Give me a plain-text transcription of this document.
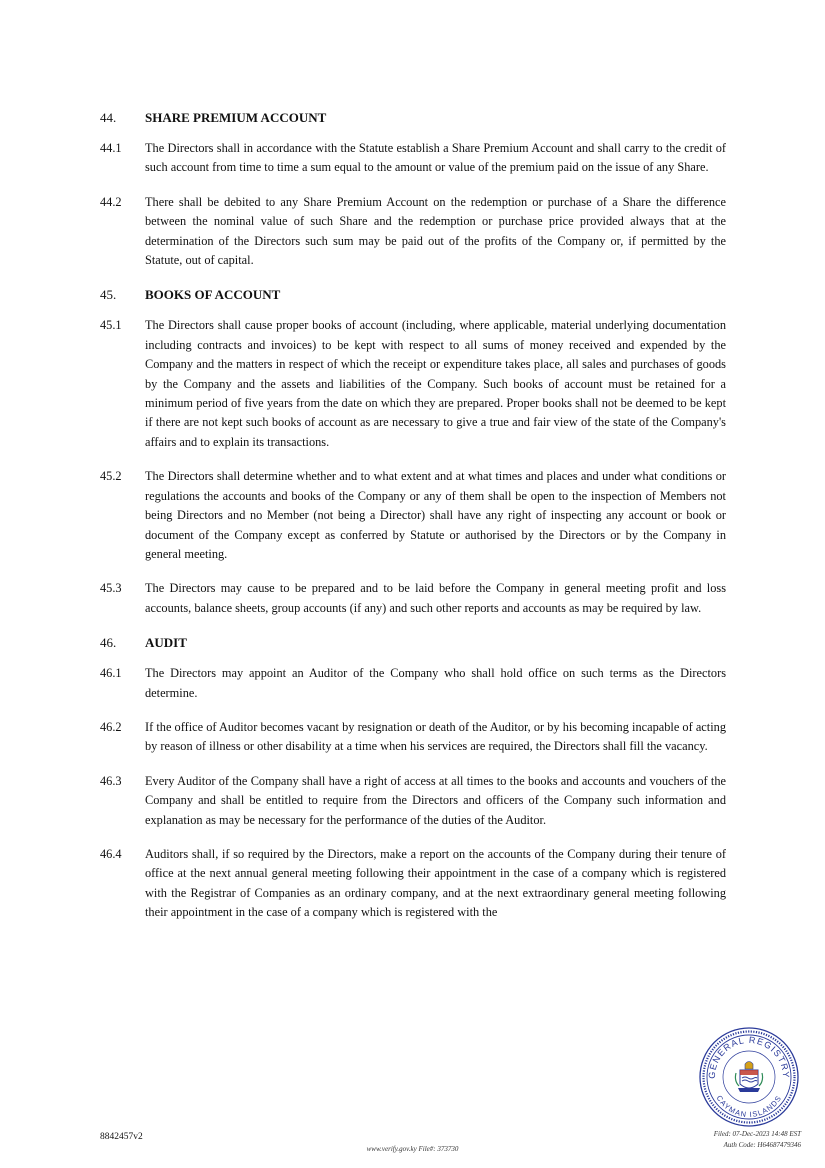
44.	SHARE PREMIUM ACCOUNT
44.1	The Directors shall in accordance with the Statute establish a Share Premium Account and shall carry to the credit of such account from time to time a sum equal to the amount or value of the premium paid on the issue of any Share.
44.2	There shall be debited to any Share Premium Account on the redemption or purchase of a Share the difference between the nominal value of such Share and the redemption or purchase price provided always that at the determination of the Directors such sum may be paid out of the profits of the Company or, if permitted by the Statute, out of capital.
45.	BOOKS OF ACCOUNT
45.1	The Directors shall cause proper books of account (including, where applicable, material underlying documentation including contracts and invoices) to be kept with respect to all sums of money received and expended by the Company and the matters in respect of which the receipt or expenditure takes place, all sales and purchases of goods by the Company and the assets and liabilities of the Company. Such books of account must be retained for a minimum period of five years from the date on which they are prepared. Proper books shall not be deemed to be kept if there are not kept such books of account as are necessary to give a true and fair view of the state of the Company's affairs and to explain its transactions.
45.2	The Directors shall determine whether and to what extent and at what times and places and under what conditions or regulations the accounts and books of the Company or any of them shall be open to the inspection of Members not being Directors and no Member (not being a Director) shall have any right of inspecting any account or book or document of the Company except as conferred by Statute or authorised by the Directors or by the Company in general meeting.
45.3	The Directors may cause to be prepared and to be laid before the Company in general meeting profit and loss accounts, balance sheets, group accounts (if any) and such other reports and accounts as may be required by law.
46.	AUDIT
46.1	The Directors may appoint an Auditor of the Company who shall hold office on such terms as the Directors determine.
46.2	If the office of Auditor becomes vacant by resignation or death of the Auditor, or by his becoming incapable of acting by reason of illness or other disability at a time when his services are required, the Directors shall fill the vacancy.
46.3	Every Auditor of the Company shall have a right of access at all times to the books and accounts and vouchers of the Company and shall be entitled to require from the Directors and officers of the Company such information and explanation as may be necessary for the performance of the duties of the Auditor.
46.4	Auditors shall, if so required by the Directors, make a report on the accounts of the Company during their tenure of office at the next annual general meeting following their appointment in the case of a company which is registered with the Registrar of Companies as an ordinary company, and at the next extraordinary general meeting following their appointment in the case of a company which is registered with the
GENERAL REGISTRY
CAYMAN ISLANDS
8842457v2
www.verify.gov.ky File#: 373730
Filed: 07-Dec-2023 14:48 EST
Auth Code: H64687479346
